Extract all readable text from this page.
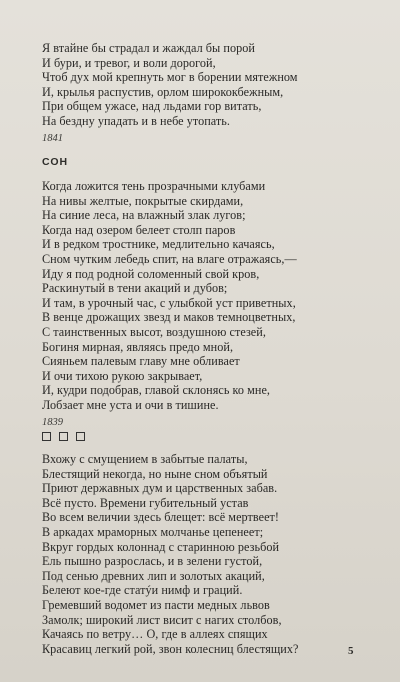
Я втайне бы страдал и жаждал бы порой
И бури, и тревог, и воли дорогой,
Чтоб дух мой крепнуть мог в борении мятежном
И, крылья распустив, орлом ширококбежным,
При общем ужасе, над льдами гор витать,
На бездну упадать и в небе утопать.
1841
СОН
Когда ложится тень прозрачными клубами
На нивы желтые, покрытые скирдами,
На синие леса, на влажный злак лугов;
Когда над озером белеет столп паров
И в редком тростнике, медлительно качаясь,
Сном чутким лебедь спит, на влаге отражаясь,—
Иду я под родной соломенный свой кров,
Раскинутый в тени акаций и дубов;
И там, в урочный час, с улыбкой уст приветных,
В венце дрожащих звезд и маков темноцветных,
С таинственных высот, воздушною стезей,
Богиня мирная, являясь предо мной,
Сияньем палевым главу мне обливает
И очи тихою рукою закрывает,
И, кудри подобрав, главой склонясь ко мне,
Лобзает мне уста и очи в тишине.
1839
Вхожу с смущением в забытые палаты,
Блестящий некогда, но ныне сном объятый
Приют державных дум и царственных забав.
Всё пусто. Времени губительный устав
Во всем величии здесь блещет: всё мертвеет!
В аркадах мраморных молчанье цепенеет;
Вкруг гордых колоннад с старинною резьбой
Ель пышно разрослась, и в зелени густой,
Под сенью древних лип и золотых акаций,
Белеют кое-где статýи нимф и граций.
Гремевший водомет из пасти медных львов
Замолк; широкий лист висит с нагих столбов,
Качаясь по ветру… О, где в аллеях спящих
Красавиц легкий рой, звон колесниц блестящих?	5
